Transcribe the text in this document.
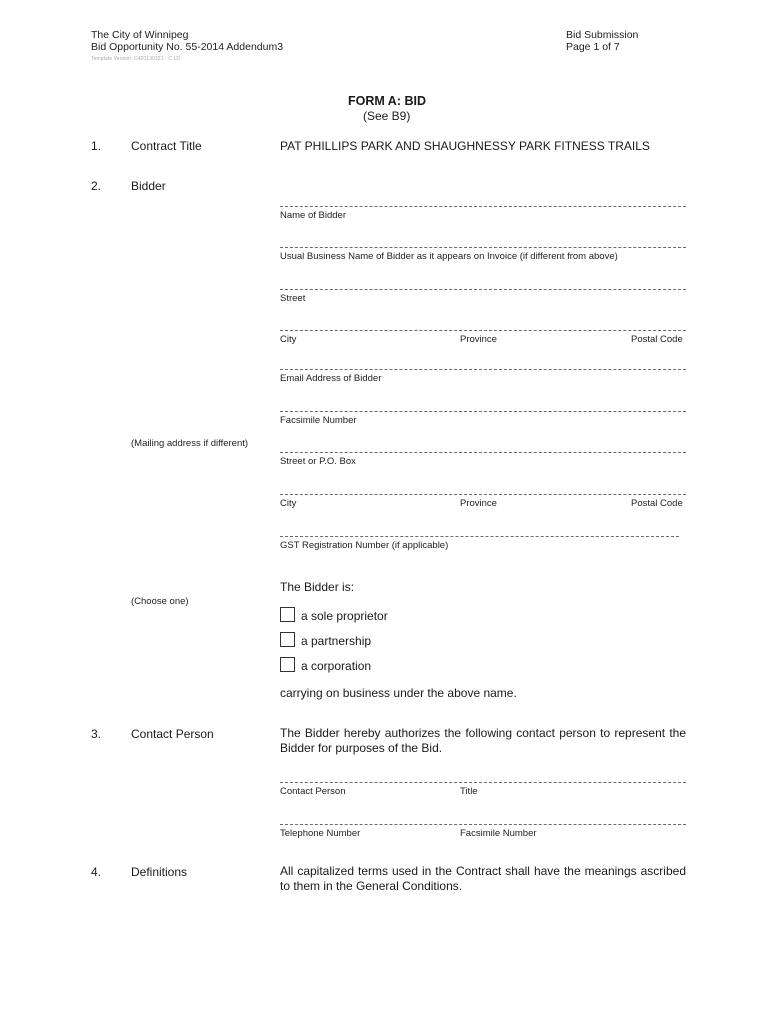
The City of Winnipeg
Bid Opportunity No. 55-2014 Addendum3
Template Version: C420130321 - C LD
Bid Submission
Page 1 of 7
FORM A: BID
(See B9)
1. Contract Title	PAT PHILLIPS PARK AND SHAUGHNESSY PARK FITNESS TRAILS
2. Bidder
Name of Bidder
Usual Business Name of Bidder as it appears on Invoice (if different from above)
Street
City	Province	Postal Code
Email Address of Bidder
Facsimile Number
(Mailing address if different)
Street or P.O. Box
City	Province	Postal Code
GST Registration Number (if applicable)
(Choose one)
The Bidder is:
a sole proprietor
a partnership
a corporation
carrying on business under the above name.
3. Contact Person	The Bidder hereby authorizes the following contact person to represent the Bidder for purposes of the Bid.
Contact Person	Title
Telephone Number	Facsimile Number
4. Definitions	All capitalized terms used in the Contract shall have the meanings ascribed to them in the General Conditions.
